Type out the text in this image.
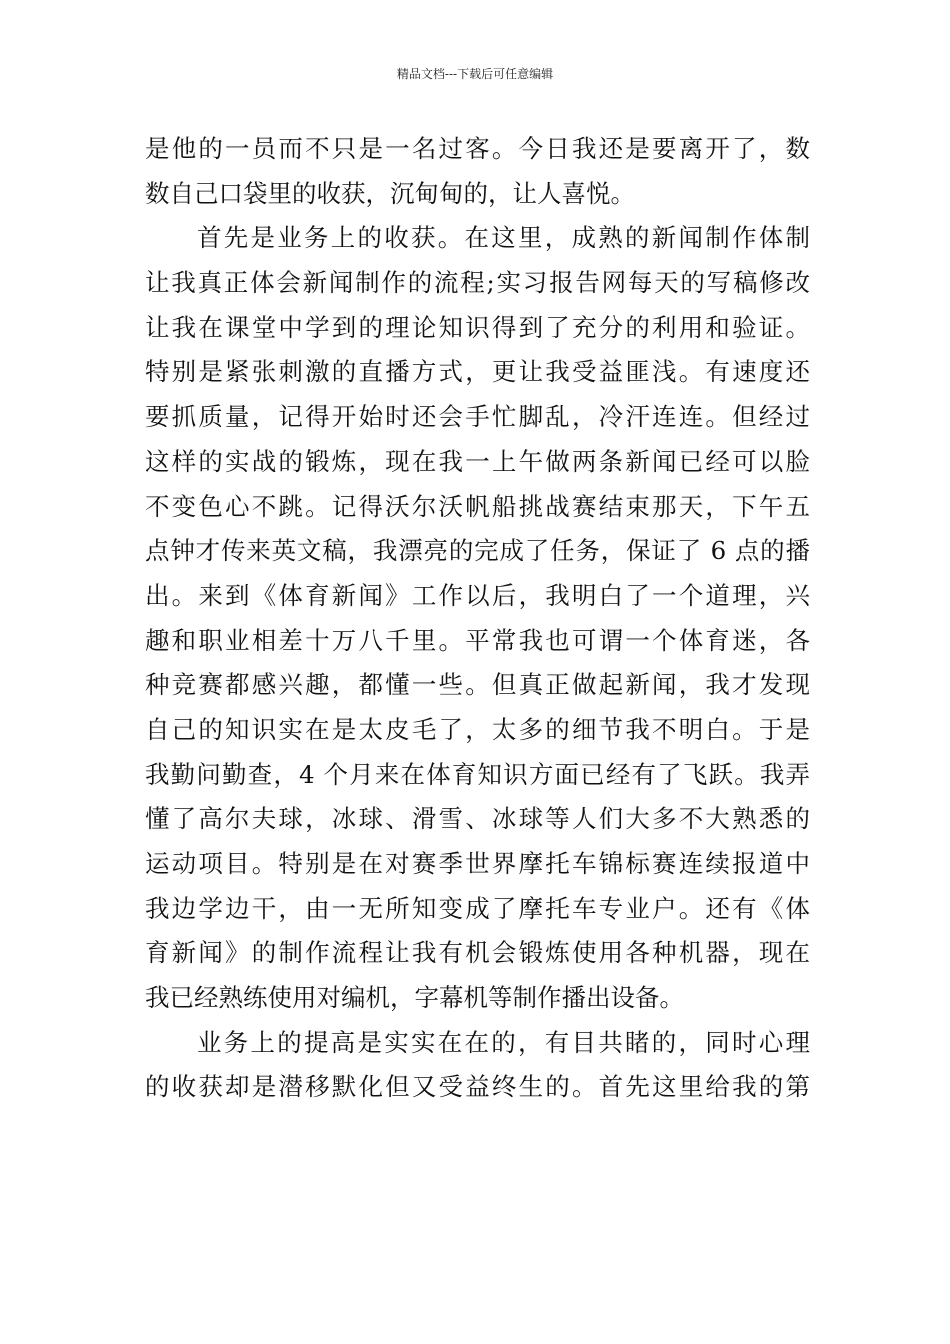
精品文档---下载后可任意编辑
是他的一员而不只是一名过客。今日我还是要离开了，数
数自己口袋里的收获，沉甸甸的，让人喜悦。
首先是业务上的收获。在这里，成熟的新闻制作体制
让我真正体会新闻制作的流程;实习报告网每天的写稿修改
让我在课堂中学到的理论知识得到了充分的利用和验证。
特别是紧张刺激的直播方式，更让我受益匪浅。有速度还
要抓质量，记得开始时还会手忙脚乱，冷汗连连。但经过
这样的实战的锻炼，现在我一上午做两条新闻已经可以脸
不变色心不跳。记得沃尔沃帆船挑战赛结束那天，下午五
点钟才传来英文稿，我漂亮的完成了任务，保证了 6 点的播
出。来到《体育新闻》工作以后，我明白了一个道理，兴
趣和职业相差十万八千里。平常我也可谓一个体育迷，各
种竞赛都感兴趣，都懂一些。但真正做起新闻，我才发现
自己的知识实在是太皮毛了，太多的细节我不明白。于是
我勤问勤查，4 个月来在体育知识方面已经有了飞跃。我弄
懂了高尔夫球，冰球、滑雪、冰球等人们大多不大熟悉的
运动项目。特别是在对赛季世界摩托车锦标赛连续报道中
我边学边干，由一无所知变成了摩托车专业户。还有《体
育新闻》的制作流程让我有机会锻炼使用各种机器，现在
我已经熟练使用对编机，字幕机等制作播出设备。
业务上的提高是实实在在的，有目共睹的，同时心理
的收获却是潜移默化但又受益终生的。首先这里给我的第
